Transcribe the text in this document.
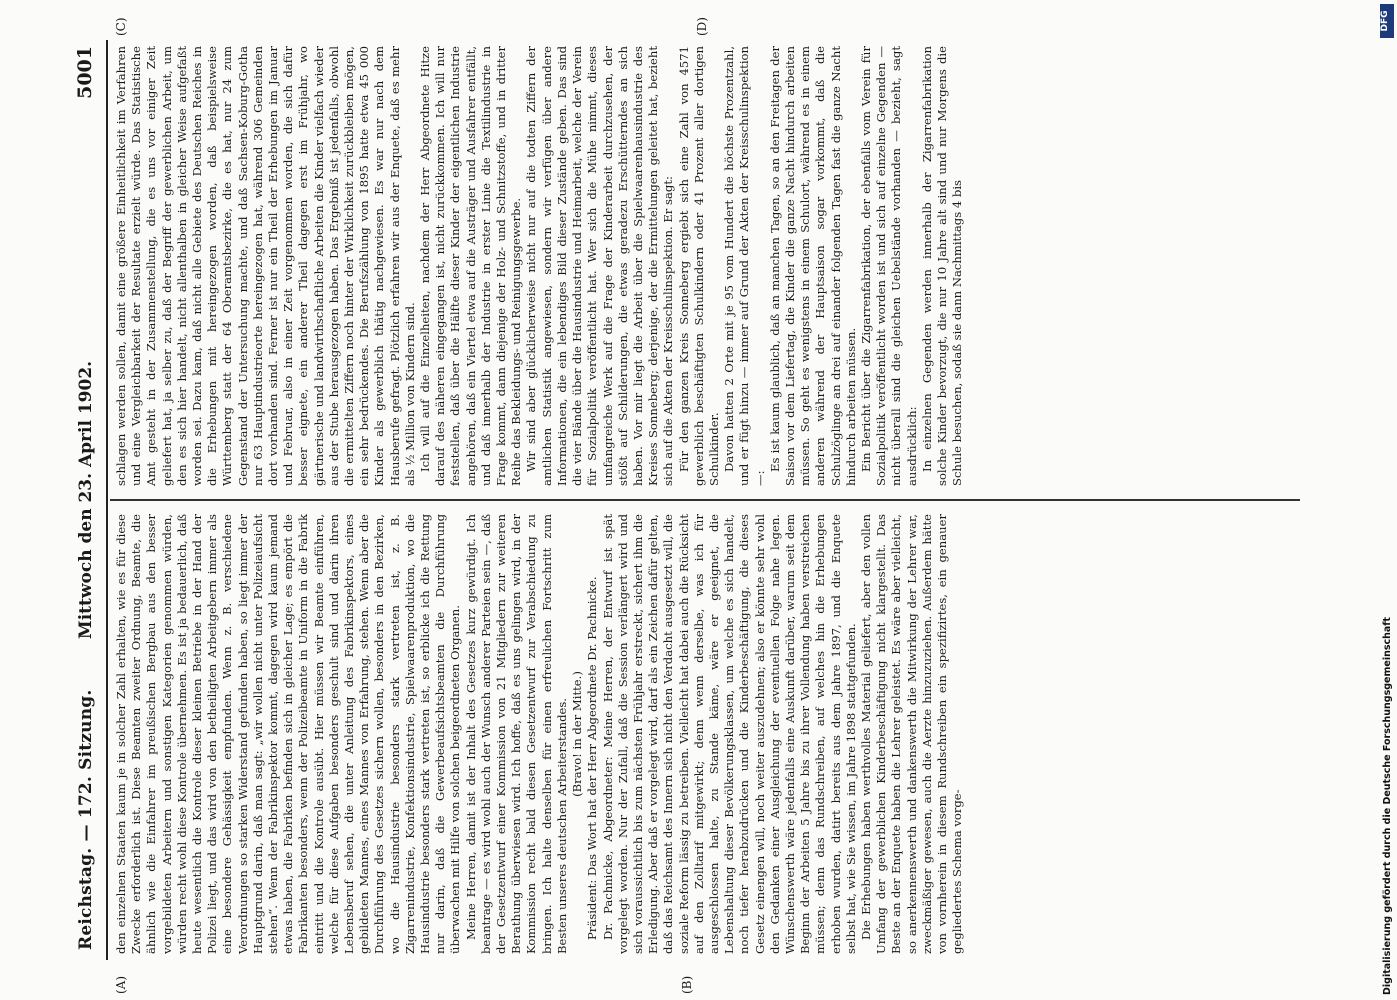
Reichstag. — 172. Sitzung.
Mittwoch den 23. April 1902.
5001
(A)	(B)
(C)	(D)

den einzelnen Staaten kaum je in solcher Zahl erhalten, wie es für diese Zwecke erforderlich ist. Diese Beamten zweiter Ordnung, Beamte, die ähnlich wie die Einfahrer im preußischen Bergbau aus den besser vorgebildeten Arbeitern und sonstigen Kategorien genommen würden, würden recht wohl diese Kontrole übernehmen. Es ist ja bedauerlich, daß heute wesentlich die Kontrole dieser kleinen Betriebe in der Hand der Polizei liegt, und das wird von den betheiligten Arbeitgebern immer als eine besondere Gehässigkeit empfunden. Wenn z. B. verschiedene Verordnungen so starken Widerstand gefunden haben, so liegt immer der Hauptgrund darin, daß man sagt: „wir wollen nicht unter Polizeiaufsicht stehen“. Wenn der Fabrikinspektor kommt, dagegen wird kaum jemand etwas haben, die Fabriken befinden sich in gleicher Lage; es empört die Fabrikanten besonders, wenn der Polizeibeamte in Uniform in die Fabrik eintritt und die Kontrole ausübt. Hier müssen wir Beamte einführen, welche für diese Aufgaben besonders geschult sind und darin ihren Lebensberuf sehen, die unter Anleitung des Fabrikinspektors, eines gebildeten Mannes, eines Mannes von Erfahrung, stehen. Wenn aber die Durchführung des Gesetzes sichern wollen, besonders in den Bezirken, wo die Hausindustrie besonders stark vertreten ist, z. B. Zigarrenindustrie, Konfektionsindustrie, Spielwaarenproduktion, wo die Hausindustrie besonders stark vertreten ist, so erblicke ich die Rettung nur darin, daß die Gewerbeaufsichtsbeamten die Durchführung überwachen mit Hilfe von solchen beigeordneten Organen. Meine Herren, damit ist der Inhalt des Gesetzes kurz gewürdigt. Ich beantrage — es wird wohl auch der Wunsch anderer Parteien sein —, daß der Gesetzentwurf einer Kommission von 21 Mitgliedern zur weiteren Berathung überwiesen wird. Ich hoffe, daß es uns gelingen wird, in der Kommission recht bald diesen Gesetzentwurf zur Verabschiedung zu bringen. Ich halte denselben für einen erfreulichen Fortschritt zum Besten unseres deutschen Arbeiterstandes. (Bravo! in der Mitte.) Präsident: Das Wort hat der Herr Abgeordnete Dr. Pachnicke. Dr. Pachnicke, Abgeordneter: Meine Herren, der Entwurf ist spät vorgelegt worden. Nur der Zufall, daß die Session verlängert wird und sich voraussichtlich bis zum nächsten Frühjahr erstreckt, sichert ihm die Erledigung. Aber daß er vorgelegt wird, darf als ein Zeichen dafür gelten, daß das Reichsamt des Innern sich nicht den Verdacht ausgesetzt will, die soziale Reform lässig zu betreiben. Vielleicht hat dabei auch die Rücksicht auf den Zolltarif mitgewirkt; denn wenn derselbe, was ich für ausgeschlossen halte, zu Stande käme, wäre er geeignet, die Lebenshaltung dieser Bevölkerungsklassen, um welche es sich handelt, noch tiefer herabzudrücken und die Kinderbeschäftigung, die dieses Gesetz einengen will, noch weiter auszudehnen; also er könnte sehr wohl den Gedanken einer Ausgleichung der eventuellen Folge nahe legen. Wünschenswerth wäre jedenfalls eine Auskunft darüber, warum seit dem Beginn der Arbeiten 5 Jahre bis zu ihrer Vollendung haben verstreichen müssen; denn das Rundschreiben, auf welches hin die Erhebungen erhoben wurden, datirt bereits aus dem Jahre 1897, und die Enquete selbst hat, wie Sie wissen, im Jahre 1898 stattgefunden. Die Erhebungen haben werthvolles Material geliefert, aber den vollen Umfang der gewerblichen Kinderbeschäftigung nicht klargestellt. Das Beste an der Enquete haben die Lehrer geleistet. Es wäre aber vielleicht, so anerkennenswerth und dankenswerth die Mitwirkung der Lehrer war, zweckmäßiger gewesen, auch die Aerzte hinzuzuziehen. Außerdem hätte von vornherein in diesem Rundschreiben ein spezifizirtes, ein genauer gegliedertes Schema vorge-

schlagen werden sollen, damit eine größere Einheitlichkeit im Verfahren und eine Vergleichbarkeit der Resultate erzielt würde. Das Statistische Amt gesteht in der Zusammenstellung, die es uns vor einiger Zeit geliefert hat, ja selber zu, daß der Begriff der gewerblichen Arbeit, um den es sich hier handelt, nicht allenthalben in gleicher Weise aufgefaßt worden sei. Dazu kam, daß nicht alle Gebiete des Deutschen Reiches in die Erhebungen mit hereingezogen worden, daß beispielsweise Württemberg statt der 64 Oberamtsbezirke, die es hat, nur 24 zum Gegenstand der Untersuchung machte, und daß Sachsen-Koburg-Gotha nur 63 Hauptindustrieorte hereingezogen hat, während 306 Gemeinden dort vorhanden sind. Ferner ist nur ein Theil der Erhebungen im Januar und Februar, also in einer Zeit vorgenommen worden, die sich dafür besser eignete, ein anderer Theil dagegen erst im Frühjahr, wo gärtnerische und landwirthschaftliche Arbeiten die Kinder vielfach wieder aus der Stube herausgezogen haben. Das Ergebniß ist jedenfalls, obwohl die ermittelten Ziffern noch hinter der Wirklichkeit zurückbleiben mögen, ein sehr bedrückendes. Die Berufszählung von 1895 hatte etwa 45 000 Kinder als gewerblich thätig nachgewiesen. Es war nur nach dem Hausberufe gefragt. Plötzlich erfahren wir aus der Enquete, daß es mehr als ½ Million von Kindern sind. Ich will auf die Einzelheiten, nachdem der Herr Abgeordnete Hitze darauf des näheren eingegangen ist, nicht zurückkommen. Ich will nur feststellen, daß über die Hälfte dieser Kinder der eigentlichen Industrie angehören, daß ein Viertel etwa auf die Austräger und Ausfahrer entfällt, und daß innerhalb der Industrie in erster Linie die Textilindustrie in Frage kommt, dann diejenige der Holz- und Schnitzstoffe, und in dritter Reihe das Bekleidungs- und Reinigungsgewerbe. Wir sind aber glücklicherweise nicht nur auf die todten Ziffern der amtlichen Statistik angewiesen, sondern wir verfügen über andere Informationen, die ein lebendiges Bild dieser Zustände geben. Das sind die vier Bände über die Hausindustrie und Heimarbeit, welche der Verein für Sozialpolitik veröffentlicht hat. Wer sich die Mühe nimmt, dieses umfangreiche Werk auf die Frage der Kinderarbeit durchzusehen, der stößt auf Schilderungen, die etwas geradezu Erschütterndes an sich haben. Vor mir liegt die Arbeit über die Spielwaarenhausindustrie des Kreises Sonneberg; derjenige, der die Ermittelungen geleitet hat, bezieht sich auf die Akten der Kreisschulinspektion. Er sagt: Für den ganzen Kreis Sonneberg ergiebt sich eine Zahl von 4571 gewerblich beschäftigten Schulkindern oder 41 Prozent aller dortigen Schulkinder. Davon hatten 2 Orte mit je 95 vom Hundert die höchste Prozentzahl, und er fügt hinzu — immer auf Grund der Akten der Kreisschulinspektion —:

Es ist kaum glaublich, daß an manchen Tagen, so an den Freitagen der Saison vor dem Liefertag, die Kinder die ganze Nacht hindurch arbeiten müssen. So geht es wenigstens in einem Schulort, während es in einem anderen während der Hauptsaison sogar vorkommt, daß die Schulzöglinge an drei auf einander folgenden Tagen fast die ganze Nacht hindurch arbeiten müssen. Ein Bericht über die Zigarrenfabrikation, der ebenfalls vom Verein für Sozialpolitik veröffentlicht worden ist und sich auf einzelne Gegenden — nicht überall sind die gleichen Uebelstände vorhanden — bezieht, sagt ausdrücklich: In einzelnen Gegenden werden innerhalb der Zigarrenfabrikation solche Kinder bevorzugt, die nur 10 Jahre alt sind und nur Morgens die Schule besuchen, sodaß sie dann Nachmittags 4 bis

DFG
Digitalisierung gefördert durch die Deutsche Forschungsgemeinschaft
